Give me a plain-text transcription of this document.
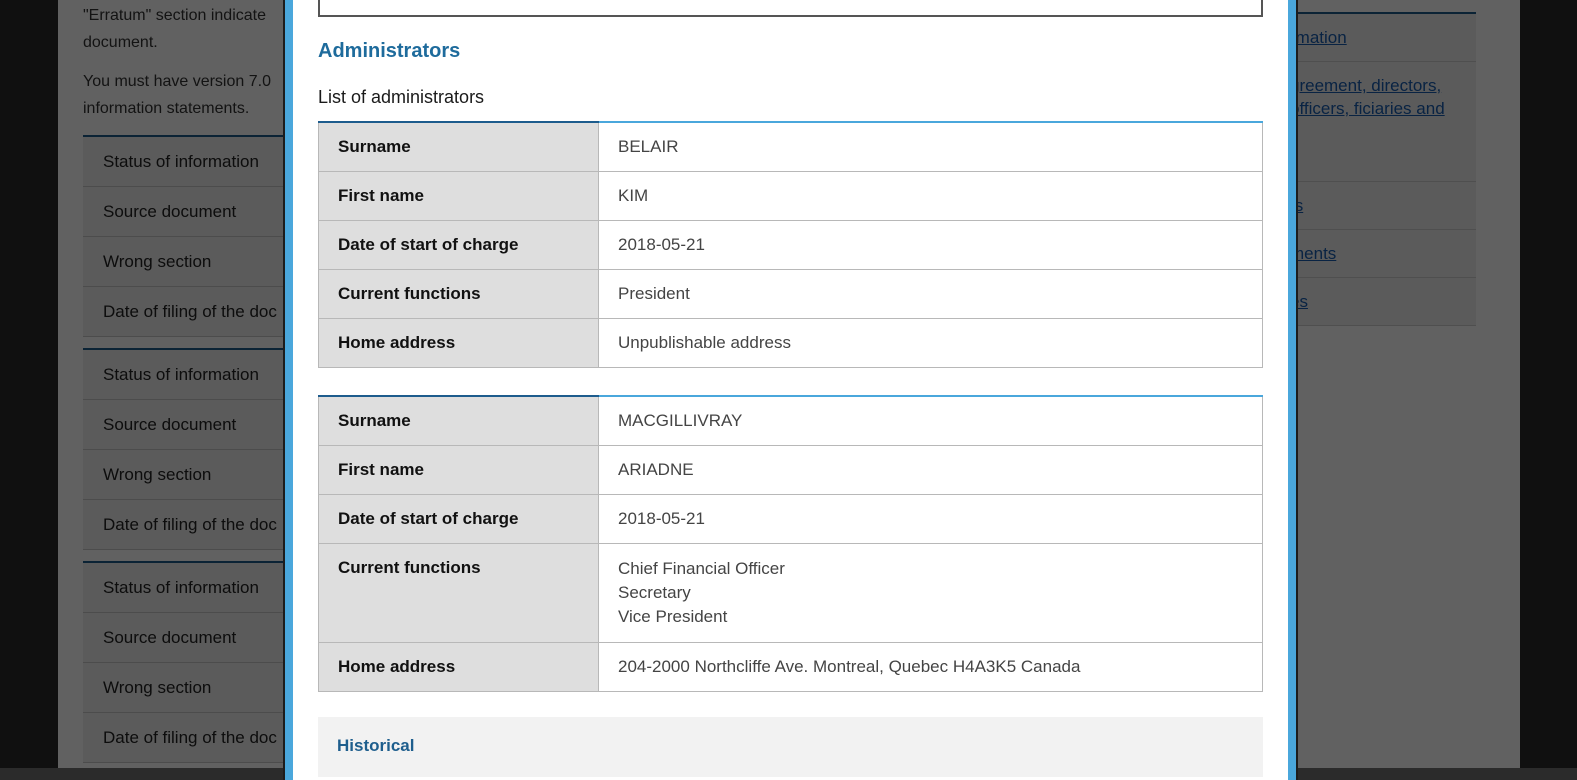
Administrators
List of administrators
Surname	BELAIR
First name	KIM
Date of start of charge	2018-05-21
Current functions	President

Home address	Unpublishable address
Surname	MACGILLIVRAY
First name	ARIADNE
Date of start of charge	2018-05-21
Current functions	Chief Financial Officer
Secretary
Vice President

Home address	204-2000 Northcliffe Ave. Montreal, Quebec H4A3K5 Canada
Historical
